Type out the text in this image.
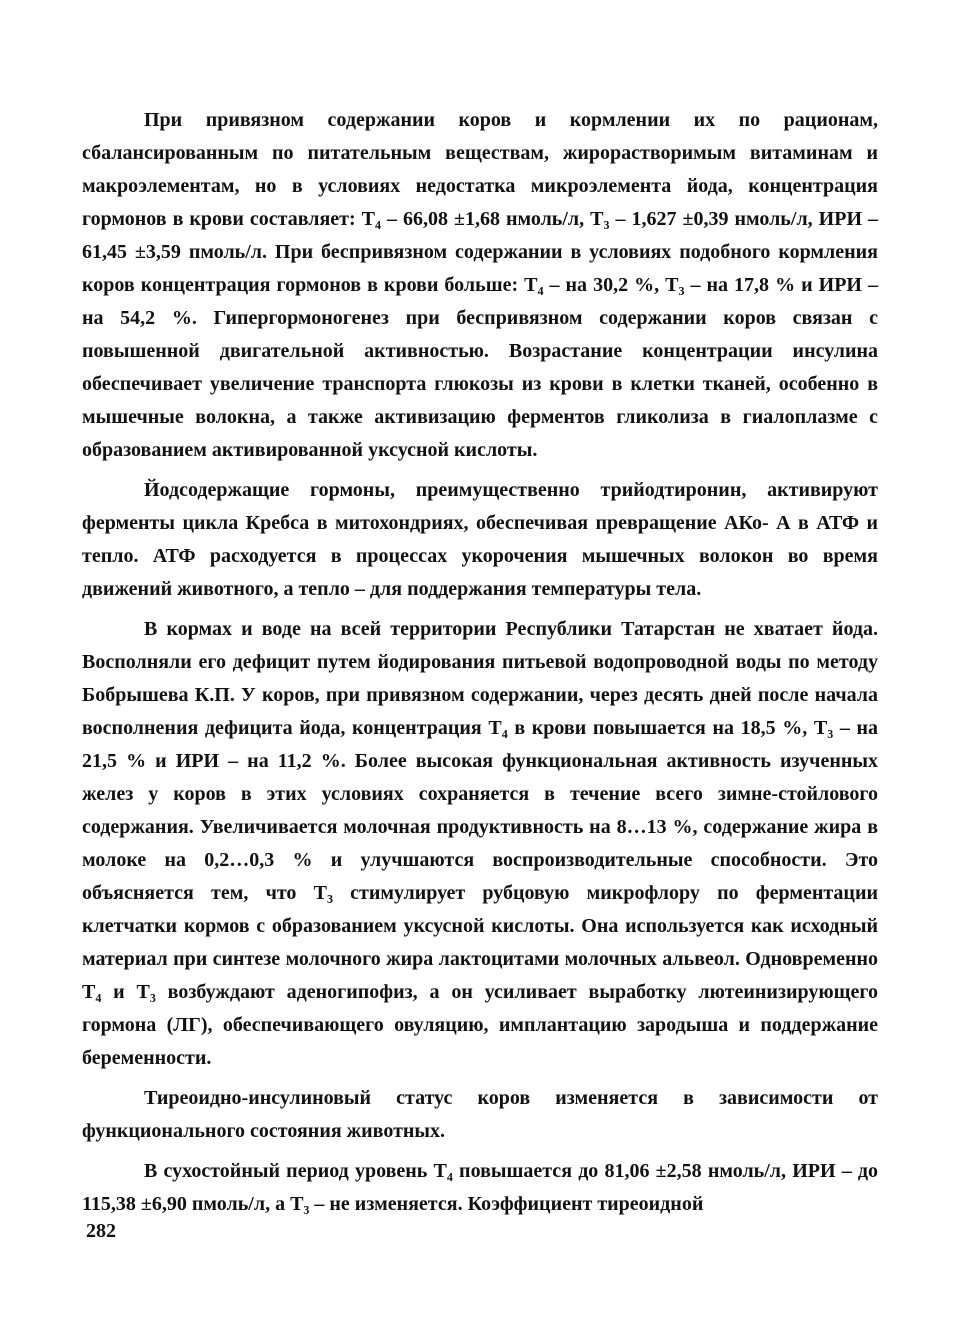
При привязном содержании коров и кормлении их по рационам, сбалансированным по питательным веществам, жирорастворимым витаминам и макроэлементам, но в условиях недостатка микроэлемента йода, концентрация гормонов в крови составляет: Т₄ – 66,08 ±1,68 нмоль/л, Т₃ – 1,627 ±0,39 нмоль/л, ИРИ – 61,45 ±3,59 пмоль/л. При беспривязном содержании в условиях подобного кормления коров концентрация гормонов в крови больше: Т₄ – на 30,2 %, Т₃ – на 17,8 % и ИРИ – на 54,2 %. Гипергормоногенез при беспривязном содержании коров связан с повышенной двигательной активностью. Возрастание концентрации инсулина обеспечивает увеличение транспорта глюкозы из крови в клетки тканей, особенно в мышечные волокна, а также активизацию ферментов гликолиза в гиалоплазме с образованием активированной уксусной кислоты.

Йодсодержащие гормоны, преимущественно трийодтиронин, активируют ферменты цикла Кребса в митохондриях, обеспечивая превращение АКо- А в АТФ и тепло. АТФ расходуется в процессах укорочения мышечных волокон во время движений животного, а тепло – для поддержания температуры тела.

В кормах и воде на всей территории Республики Татарстан не хватает йода. Восполняли его дефицит путем йодирования питьевой водопроводной воды по методу Бобрышева К.П. У коров, при привязном содержании, через десять дней после начала восполнения дефицита йода, концентрация Т₄ в крови повышается на 18,5 %, Т₃ – на 21,5 % и ИРИ – на 11,2 %. Более высокая функциональная активность изученных желез у коров в этих условиях сохраняется в течение всего зимне-стойлового содержания. Увеличивается молочная продуктивность на 8…13 %, содержание жира в молоке на 0,2…0,3 % и улучшаются воспроизводительные способности. Это объясняется тем, что Т₃ стимулирует рубцовую микрофлору по ферментации клетчатки кормов с образованием уксусной кислоты. Она используется как исходный материал при синтезе молочного жира лактоцитами молочных альвеол. Одновременно Т₄ и Т₃ возбуждают аденогипофиз, а он усиливает выработку лютеинизирующего гормона (ЛГ), обеспечивающего овуляцию, имплантацию зародыша и поддержание беременности.

Тиреоидно-инсулиновый статус коров изменяется в зависимости от функционального состояния животных.

В сухостойный период уровень Т₄ повышается до 81,06 ±2,58 нмоль/л, ИРИ – до 115,38 ±6,90 пмоль/л, а Т₃ – не изменяется. Коэффициент тиреоидной

282
